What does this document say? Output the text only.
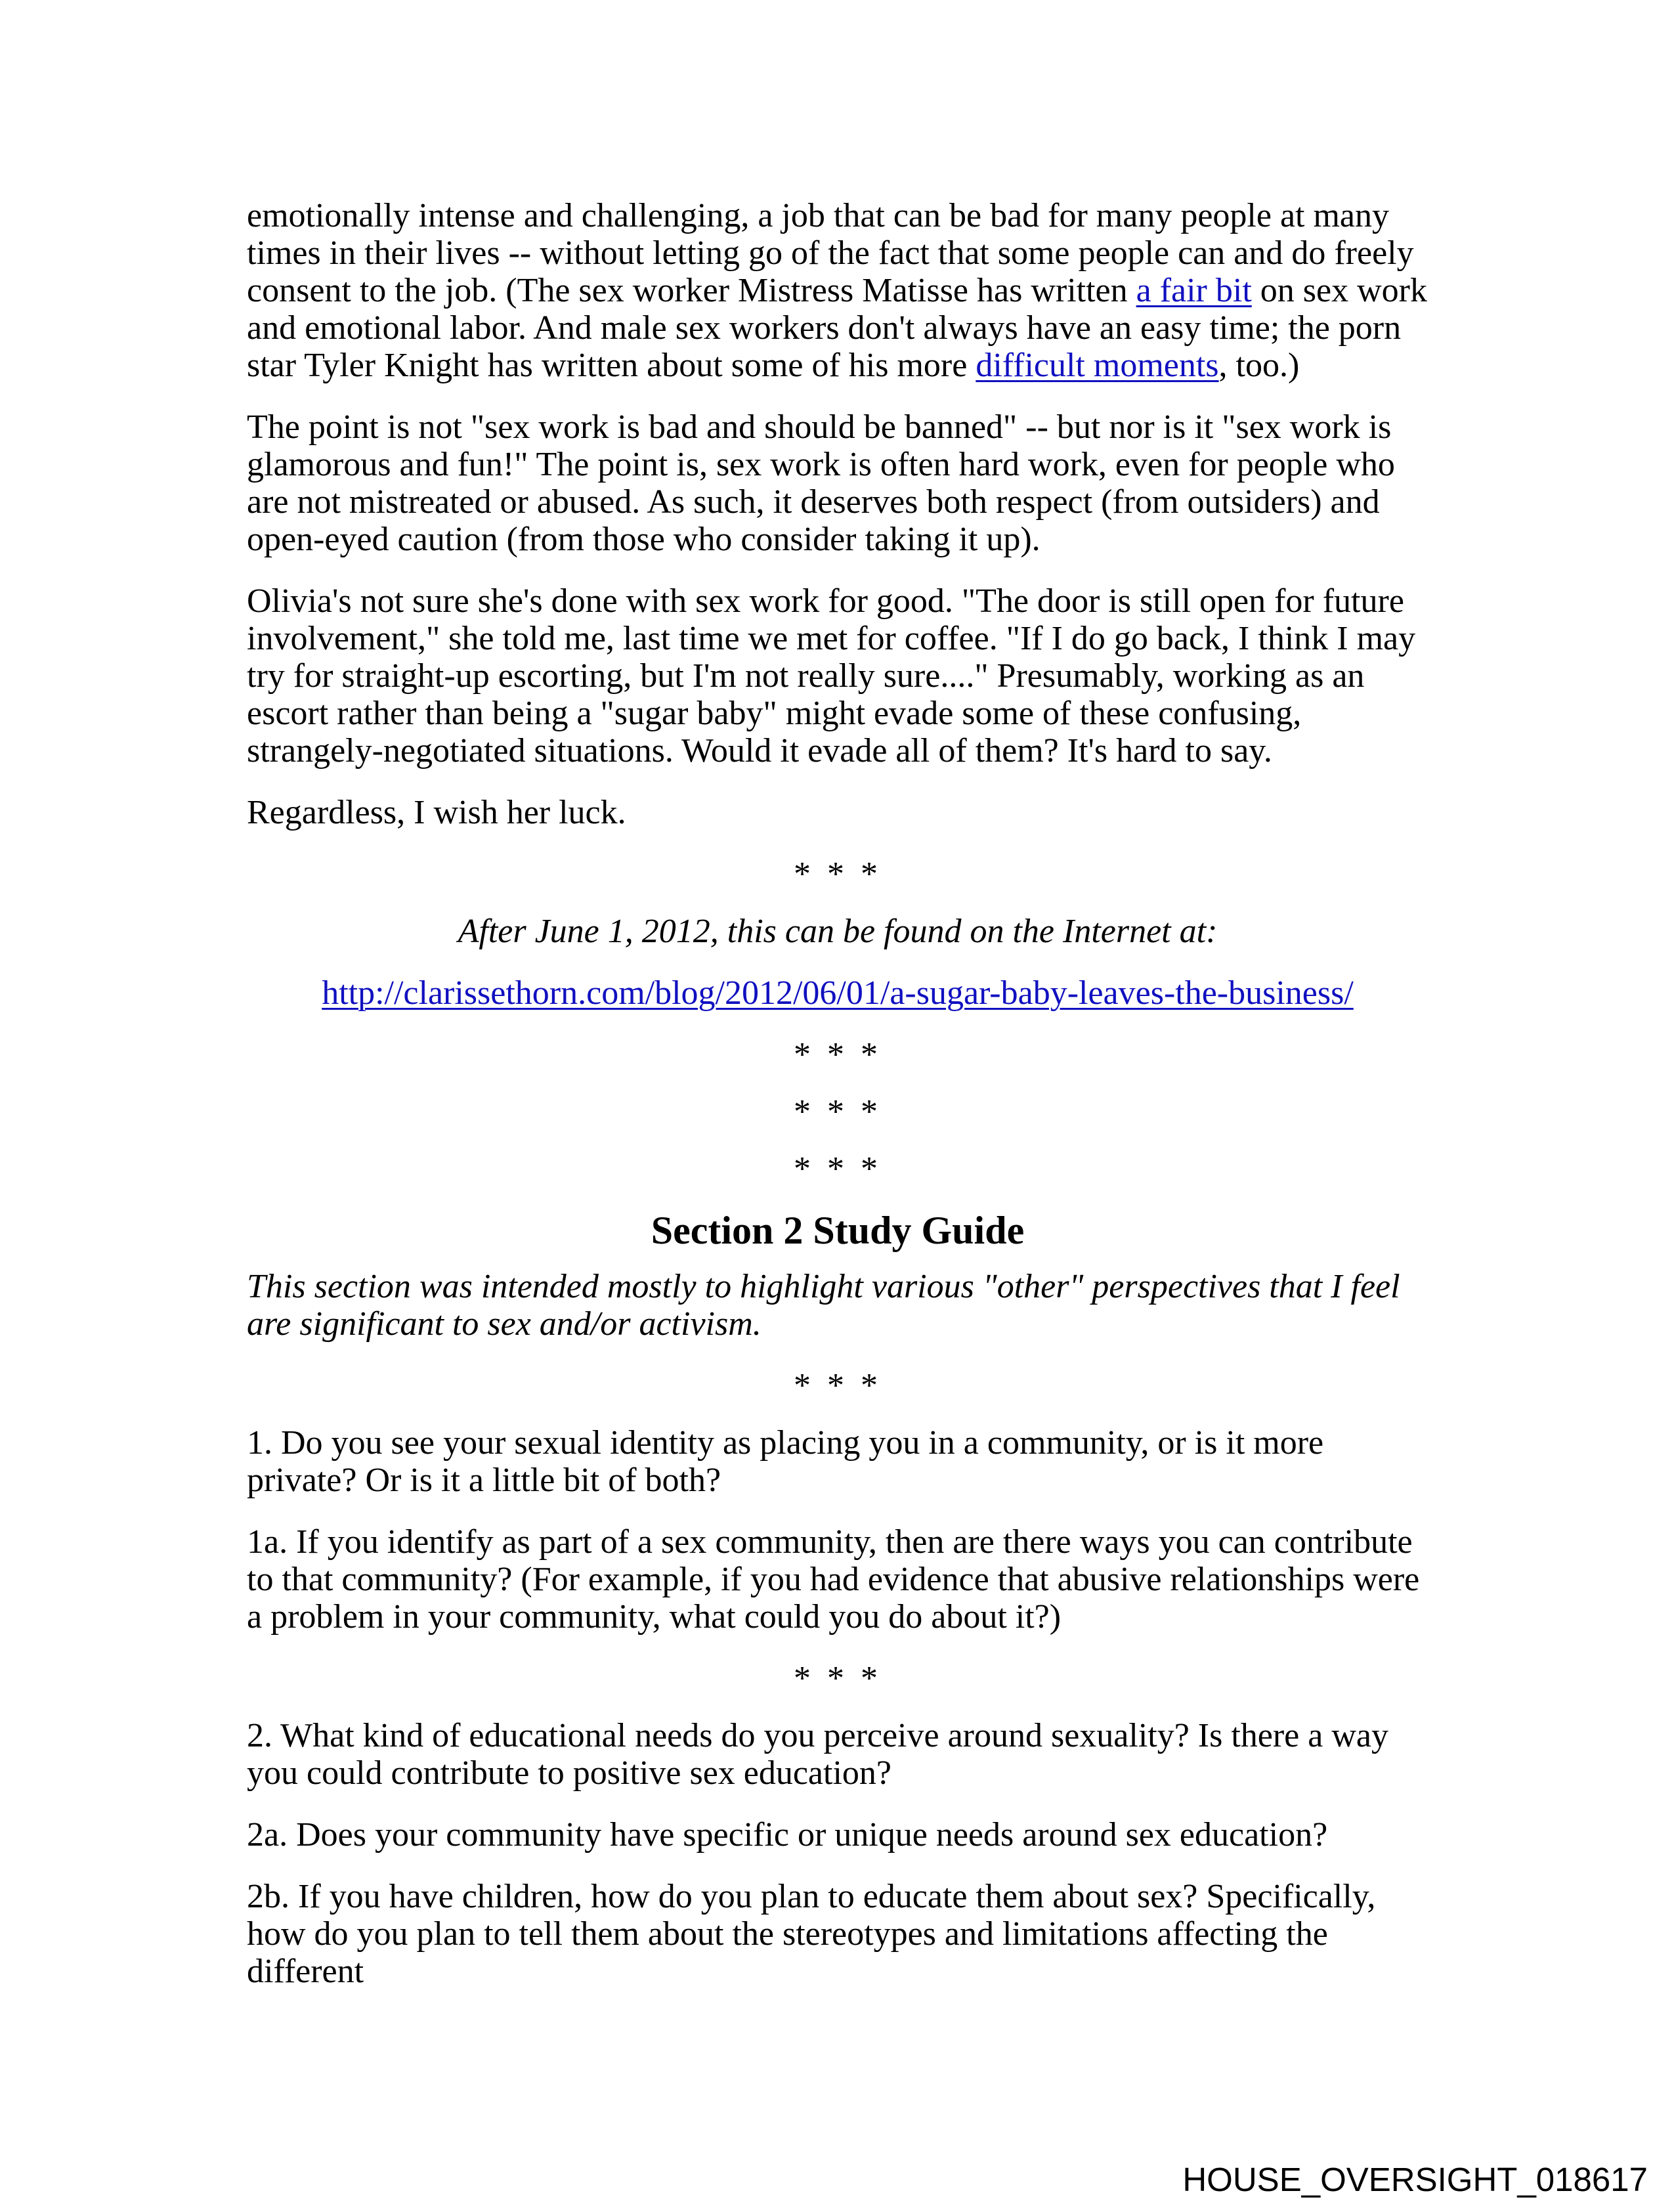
emotionally intense and challenging, a job that can be bad for many people at many times in their lives -- without letting go of the fact that some people can and do freely consent to the job. (The sex worker Mistress Matisse has written a fair bit on sex work and emotional labor. And male sex workers don't always have an easy time; the porn star Tyler Knight has written about some of his more difficult moments, too.)

The point is not "sex work is bad and should be banned" -- but nor is it "sex work is glamorous and fun!" The point is, sex work is often hard work, even for people who are not mistreated or abused. As such, it deserves both respect (from outsiders) and open-eyed caution (from those who consider taking it up).

Olivia's not sure she's done with sex work for good. "The door is still open for future involvement," she told me, last time we met for coffee. "If I do go back, I think I may try for straight-up escorting, but I'm not really sure...." Presumably, working as an escort rather than being a "sugar baby" might evade some of these confusing, strangely-negotiated situations. Would it evade all of them? It's hard to say.

Regardless, I wish her luck.

* * *

After June 1, 2012, this can be found on the Internet at:

http://clarissethorn.com/blog/2012/06/01/a-sugar-baby-leaves-the-business/

* * *

* * *

* * *

Section 2 Study Guide

This section was intended mostly to highlight various "other" perspectives that I feel are significant to sex and/or activism.

* * *

1. Do you see your sexual identity as placing you in a community, or is it more private? Or is it a little bit of both?

1a. If you identify as part of a sex community, then are there ways you can contribute to that community? (For example, if you had evidence that abusive relationships were a problem in your community, what could you do about it?)

* * *

2. What kind of educational needs do you perceive around sexuality? Is there a way you could contribute to positive sex education?

2a. Does your community have specific or unique needs around sex education?

2b. If you have children, how do you plan to educate them about sex? Specifically, how do you plan to tell them about the stereotypes and limitations affecting the different

HOUSE_OVERSIGHT_018617
